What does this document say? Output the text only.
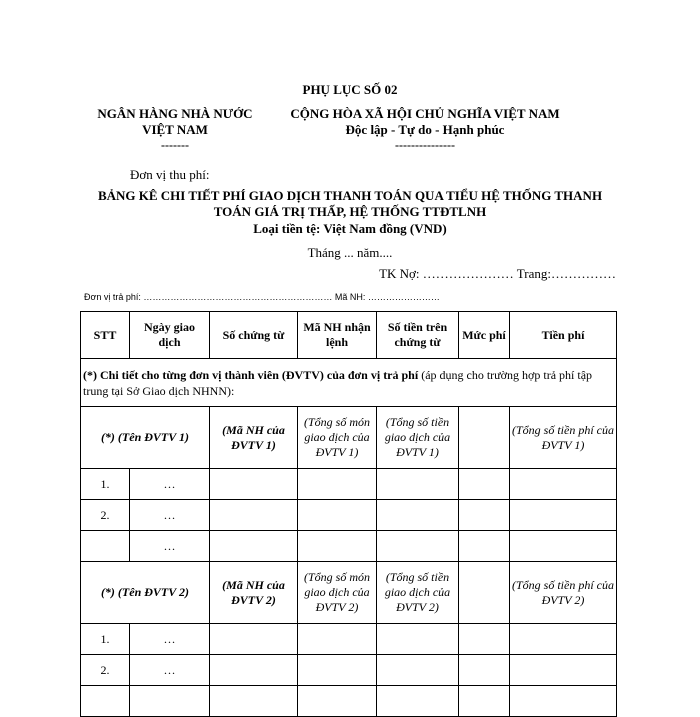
PHỤ LỤC SỐ 02
NGÂN HÀNG NHÀ NƯỚC
VIỆT NAM
-------
CỘNG HÒA XÃ HỘI CHỦ NGHĨA VIỆT NAM
Độc lập - Tự do - Hạnh phúc
---------------
Đơn vị thu phí:
BẢNG KÊ CHI TIẾT PHÍ GIAO DỊCH THANH TOÁN QUA TIỂU HỆ THỐNG THANH
TOÁN GIÁ TRỊ THẤP, HỆ THỐNG TTĐTLNH
Loại tiền tệ: Việt Nam đồng (VND)
Tháng ... năm....
TK Nợ: ………………… Trang:……………
Đơn vị trả phí: ……………………………………………………… Mã NH: ……………………
STT	Ngày giao dịch	Số chứng từ	Mã NH nhận lệnh	Số tiền trên chứng từ	Mức phí	Tiền phí
(*) Chi tiết cho từng đơn vị thành viên (ĐVTV) của đơn vị trả phí (áp dụng cho trường hợp trả phí tập trung tại Sở Giao dịch NHNN):						
(*) (Tên ĐVTV 1)		(Mã NH của ĐVTV 1)	(Tổng số món giao dịch của ĐVTV 1)	(Tổng số tiền giao dịch của ĐVTV 1)		(Tổng số tiền phí của ĐVTV 1)
1.	…					
2.	…					
	…					
(*) (Tên ĐVTV 2)		(Mã NH của ĐVTV 2)	(Tổng số món giao dịch của ĐVTV 2)	(Tổng số tiền giao dịch của ĐVTV 2)		(Tổng số tiền phí của ĐVTV 2)
1.	…					
2.	…					
